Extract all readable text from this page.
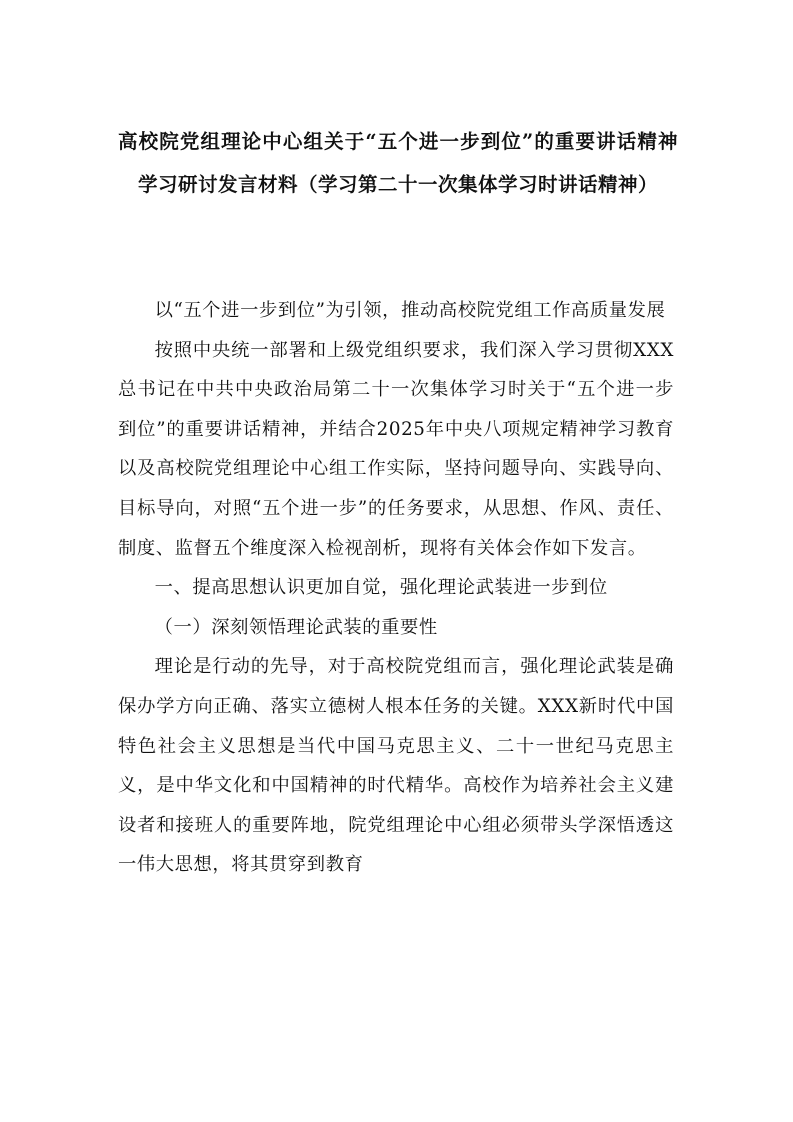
高校院党组理论中心组关于“五个进一步到位”的重要讲话精神学习研讨发言材料（学习第二十一次集体学习时讲话精神）

以“五个进一步到位”为引领，推动高校院党组工作高质量发展

按照中央统一部署和上级党组织要求，我们深入学习贯彻XXX总书记在中共中央政治局第二十一次集体学习时关于“五个进一步到位”的重要讲话精神，并结合2025年中央八项规定精神学习教育以及高校院党组理论中心组工作实际，坚持问题导向、实践导向、目标导向，对照“五个进一步”的任务要求，从思想、作风、责任、制度、监督五个维度深入检视剖析，现将有关体会作如下发言。

一、提高思想认识更加自觉，强化理论武装进一步到位

（一）深刻领悟理论武装的重要性

理论是行动的先导，对于高校院党组而言，强化理论武装是确保办学方向正确、落实立德树人根本任务的关键。XXX新时代中国特色社会主义思想是当代中国马克思主义、二十一世纪马克思主义，是中华文化和中国精神的时代精华。高校作为培养社会主义建设者和接班人的重要阵地，院党组理论中心组必须带头学深悟透这一伟大思想，将其贯穿到教育
